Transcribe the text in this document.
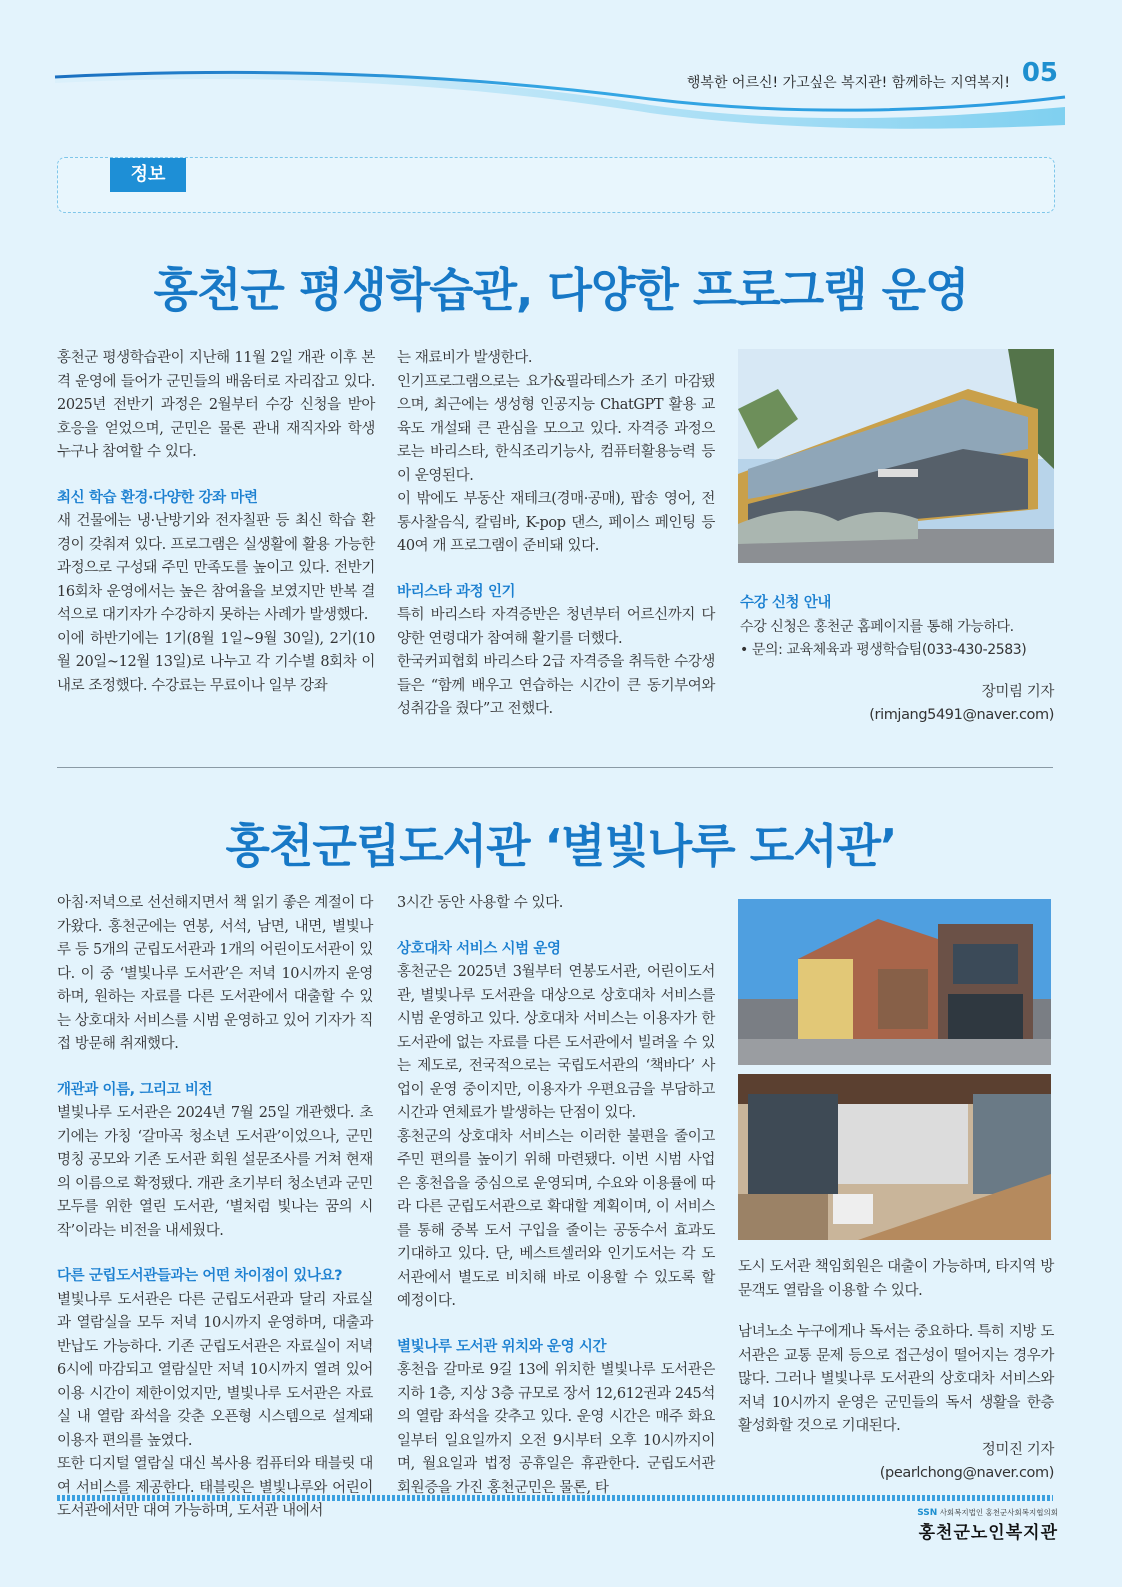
행복한 어르신! 가고싶은 복지관! 함께하는 지역복지! 05
정보
홍천군 평생학습관, 다양한 프로그램 운영

홍천군 평생학습관이 지난해 11월 2일 개관 이후 본격 운영에 들어가 군민들의 배움터로 자리잡고 있다. 2025년 전반기 과정은 2월부터 수강 신청을 받아 호응을 얻었으며, 군민은 물론 관내 재직자와 학생 누구나 참여할 수 있다.

최신 학습 환경·다양한 강좌 마련

새 건물에는 냉·난방기와 전자칠판 등 최신 학습 환경이 갖춰져 있다. 프로그램은 실생활에 활용 가능한 과정으로 구성돼 주민 만족도를 높이고 있다. 전반기 16회차 운영에서는 높은 참여율을 보였지만 반복 결석으로 대기자가 수강하지 못하는 사례가 발생했다.

이에 하반기에는 1기(8월 1일~9월 30일), 2기(10월 20일~12월 13일)로 나누고 각 기수별 8회차 이내로 조정했다. 수강료는 무료이나 일부 강좌

는 재료비가 발생한다.

인기프로그램으로는 요가&필라테스가 조기 마감됐으며, 최근에는 생성형 인공지능 ChatGPT 활용 교육도 개설돼 큰 관심을 모으고 있다. 자격증 과정으로는 바리스타, 한식조리기능사, 컴퓨터활용능력 등이 운영된다.

이 밖에도 부동산 재테크(경매·공매), 팝송 영어, 전통사찰음식, 칼림바, K-pop 댄스, 페이스 페인팅 등 40여 개 프로그램이 준비돼 있다.

바리스타 과정 인기

특히 바리스타 자격증반은 청년부터 어르신까지 다양한 연령대가 참여해 활기를 더했다.

한국커피협회 바리스타 2급 자격증을 취득한 수강생들은 “함께 배우고 연습하는 시간이 큰 동기부여와 성취감을 줬다”고 전했다.

수강 신청 안내

수강 신청은 홍천군 홈페이지를 통해 가능하다.

• 문의: 교육체육과 평생학습팀(033-430-2583)

장미림 기자

(rimjang5491@naver.com)

홍천군립도서관 ‘별빛나루 도서관’

아침·저녁으로 선선해지면서 책 읽기 좋은 계절이 다가왔다. 홍천군에는 연봉, 서석, 남면, 내면, 별빛나루 등 5개의 군립도서관과 1개의 어린이도서관이 있다. 이 중 ‘별빛나루 도서관’은 저녁 10시까지 운영하며, 원하는 자료를 다른 도서관에서 대출할 수 있는 상호대차 서비스를 시범 운영하고 있어 기자가 직접 방문해 취재했다.

개관과 이름, 그리고 비전

별빛나루 도서관은 2024년 7월 25일 개관했다. 초기에는 가칭 ‘갈마곡 청소년 도서관’이었으나, 군민 명칭 공모와 기존 도서관 회원 설문조사를 거쳐 현재의 이름으로 확정됐다. 개관 초기부터 청소년과 군민 모두를 위한 열린 도서관, ‘별처럼 빛나는 꿈의 시작’이라는 비전을 내세웠다.

다른 군립도서관들과는 어떤 차이점이 있나요?

별빛나루 도서관은 다른 군립도서관과 달리 자료실과 열람실을 모두 저녁 10시까지 운영하며, 대출과 반납도 가능하다. 기존 군립도서관은 자료실이 저녁 6시에 마감되고 열람실만 저녁 10시까지 열려 있어 이용 시간이 제한이었지만, 별빛나루 도서관은 자료실 내 열람 좌석을 갖춘 오픈형 시스템으로 설계돼 이용자 편의를 높였다.

또한 디지털 열람실 대신 복사용 컴퓨터와 태블릿 대여 서비스를 제공한다. 태블릿은 별빛나루와 어린이도서관에서만 대여 가능하며, 도서관 내에서

3시간 동안 사용할 수 있다.

상호대차 서비스 시범 운영

홍천군은 2025년 3월부터 연봉도서관, 어린이도서관, 별빛나루 도서관을 대상으로 상호대차 서비스를 시범 운영하고 있다. 상호대차 서비스는 이용자가 한 도서관에 없는 자료를 다른 도서관에서 빌려올 수 있는 제도로, 전국적으로는 국립도서관의 ‘책바다’ 사업이 운영 중이지만, 이용자가 우편요금을 부담하고 시간과 연체료가 발생하는 단점이 있다.

홍천군의 상호대차 서비스는 이러한 불편을 줄이고 주민 편의를 높이기 위해 마련됐다. 이번 시범 사업은 홍천읍을 중심으로 운영되며, 수요와 이용률에 따라 다른 군립도서관으로 확대할 계획이며, 이 서비스를 통해 중복 도서 구입을 줄이는 공동수서 효과도 기대하고 있다. 단, 베스트셀러와 인기도서는 각 도서관에서 별도로 비치해 바로 이용할 수 있도록 할 예정이다.

별빛나루 도서관 위치와 운영 시간

홍천읍 갈마로 9길 13에 위치한 별빛나루 도서관은 지하 1층, 지상 3층 규모로 장서 12,612권과 245석의 열람 좌석을 갖추고 있다. 운영 시간은 매주 화요일부터 일요일까지 오전 9시부터 오후 10시까지이며, 월요일과 법정 공휴일은 휴관한다. 군립도서관 회원증을 가진 홍천군민은 물론, 타

도시 도서관 책임회원은 대출이 가능하며, 타지역 방문객도 열람을 이용할 수 있다.

남녀노소 누구에게나 독서는 중요하다. 특히 지방 도서관은 교통 문제 등으로 접근성이 떨어지는 경우가 많다. 그러나 별빛나루 도서관의 상호대차 서비스와 저녁 10시까지 운영은 군민들의 독서 생활을 한층 활성화할 것으로 기대된다.

정미진 기자

(pearlchong@naver.com)

SSN 사회복지법인 홍천군사회복지협의회
홍천군노인복지관
